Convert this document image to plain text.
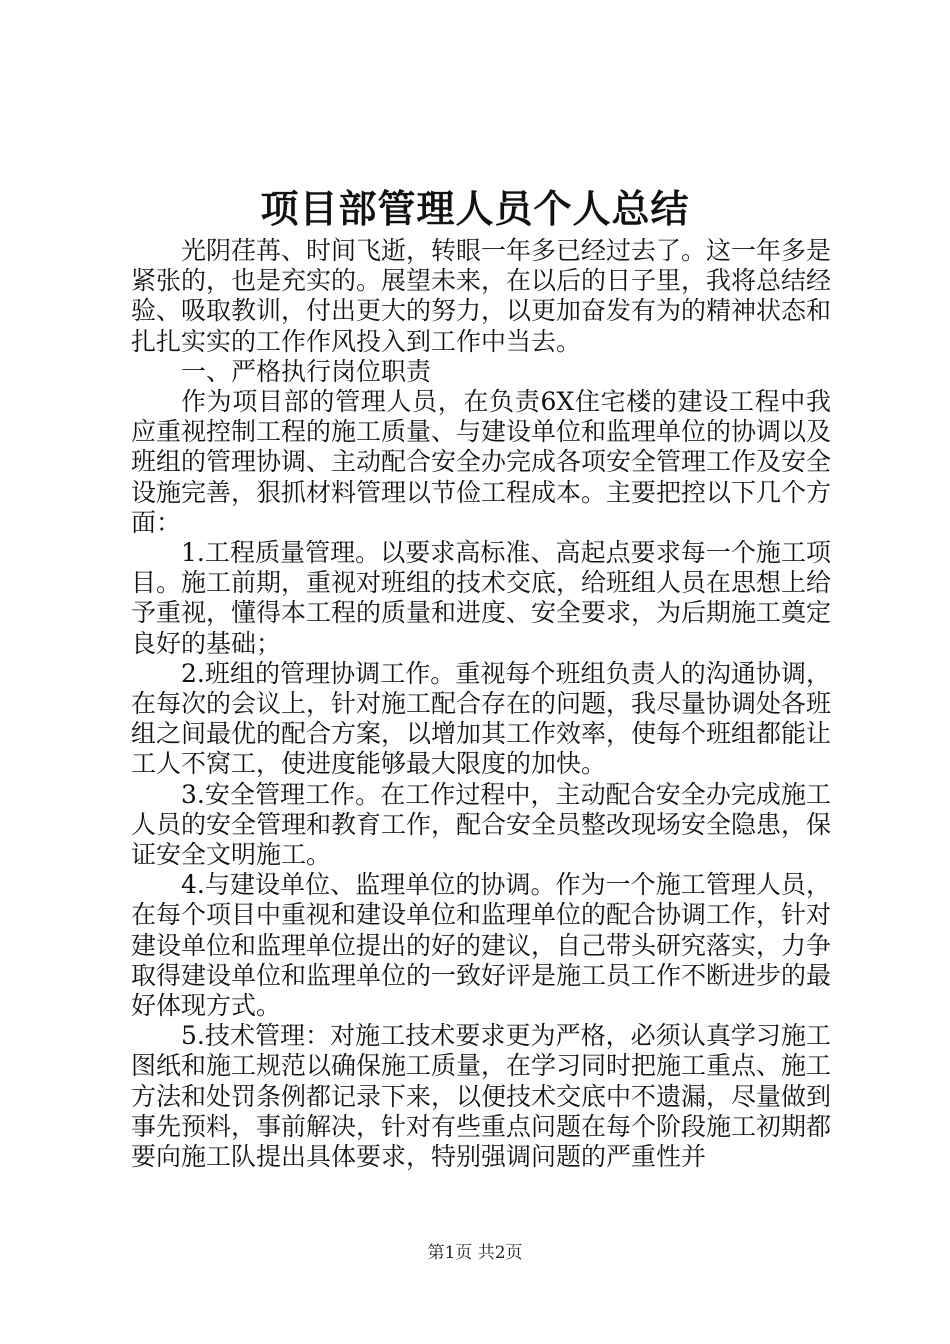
项目部管理人员个人总结

光阴荏苒、时间飞逝，转眼一年多已经过去了。这一年多是紧张的，也是充实的。展望未来，在以后的日子里，我将总结经验、吸取教训，付出更大的努力，以更加奋发有为的精神状态和扎扎实实的工作作风投入到工作中当去。

一、严格执行岗位职责

作为项目部的管理人员，在负责6X住宅楼的建设工程中我应重视控制工程的施工质量、与建设单位和监理单位的协调以及班组的管理协调、主动配合安全办完成各项安全管理工作及安全设施完善，狠抓材料管理以节俭工程成本。主要把控以下几个方面：

1.工程质量管理。以要求高标准、高起点要求每一个施工项目。施工前期，重视对班组的技术交底，给班组人员在思想上给予重视，懂得本工程的质量和进度、安全要求，为后期施工奠定良好的基础；

2.班组的管理协调工作。重视每个班组负责人的沟通协调，在每次的会议上，针对施工配合存在的问题，我尽量协调处各班组之间最优的配合方案，以增加其工作效率，使每个班组都能让工人不窝工，使进度能够最大限度的加快。

3.安全管理工作。在工作过程中，主动配合安全办完成施工人员的安全管理和教育工作，配合安全员整改现场安全隐患，保证安全文明施工。

4.与建设单位、监理单位的协调。作为一个施工管理人员，在每个项目中重视和建设单位和监理单位的配合协调工作，针对建设单位和监理单位提出的好的建议，自己带头研究落实，力争取得建设单位和监理单位的一致好评是施工员工作不断进步的最好体现方式。

5.技术管理：对施工技术要求更为严格，必须认真学习施工图纸和施工规范以确保施工质量，在学习同时把施工重点、施工方法和处罚条例都记录下来，以便技术交底中不遗漏，尽量做到事先预料，事前解决，针对有些重点问题在每个阶段施工初期都要向施工队提出具体要求，特别强调问题的严重性并

第1页 共2页
